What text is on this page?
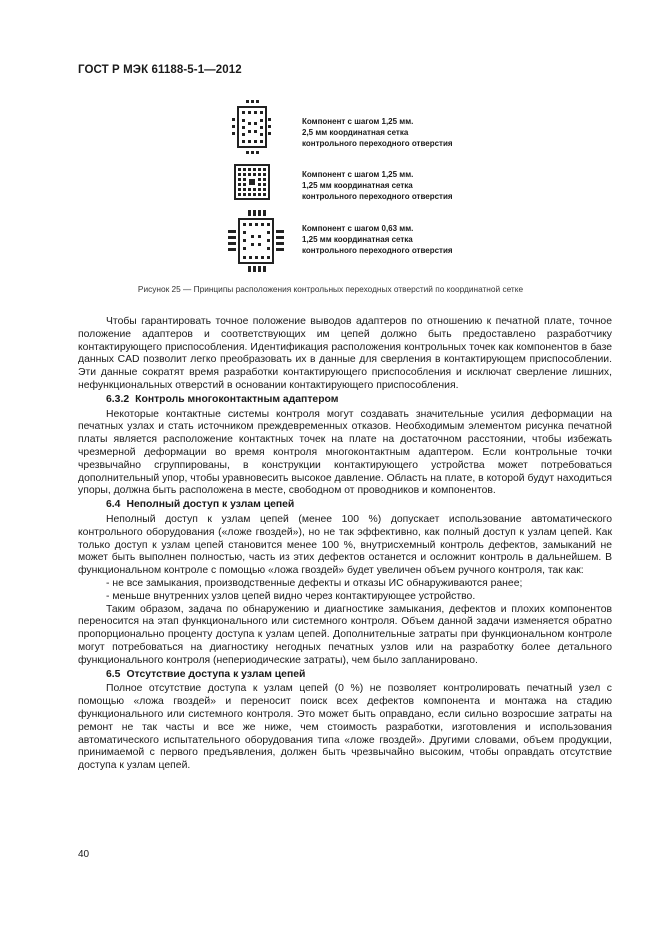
ГОСТ Р МЭК 61188-5-1—2012
Компонент с шагом 1,25 мм.
2,5 мм координатная сетка
контрольного переходного отверстия
Компонент с шагом 1,25 мм.
1,25 мм координатная сетка
контрольного переходного отверстия
Компонент с шагом 0,63 мм.
1,25 мм координатная сетка
контрольного переходного отверстия
Рисунок 25 — Принципы расположения контрольных переходных отверстий по координатной сетке

Чтобы гарантировать точное положение выводов адаптеров по отношению к печатной плате, точное положение адаптеров и соответствующих им цепей должно быть предоставлено разработчику контактирующего приспособления. Идентификация расположения контрольных точек как компонентов в базе данных CAD позволит легко преобразовать их в данные для сверления в контактирующем приспособлении. Эти данные сократят время разработки контактирующего приспособления и исключат сверление лишних, нефункциональных отверстий в основании контактирующего приспособления.

6.3.2 Контроль многоконтактным адаптером

Некоторые контактные системы контроля могут создавать значительные усилия деформации на печатных узлах и стать источником преждевременных отказов. Необходимым элементом рисунка печатной платы является расположение контактных точек на плате на достаточном расстоянии, чтобы избежать чрезмерной деформации во время контроля многоконтактным адаптером. Если контрольные точки чрезвычайно сгруппированы, в конструкции контактирующего устройства может потребоваться дополнительный упор, чтобы уравновесить высокое давление. Область на плате, в которой будут находиться упоры, должна быть расположена в месте, свободном от проводников и компонентов.

6.4 Неполный доступ к узлам цепей

Неполный доступ к узлам цепей (менее 100 %) допускает использование автоматического контрольного оборудования («ложе гвоздей»), но не так эффективно, как полный доступ к узлам цепей. Как только доступ к узлам цепей становится менее 100 %, внутрисхемный контроль дефектов, замыканий не может быть выполнен полностью, часть из этих дефектов останется и осложнит контроль в дальнейшем. В функциональном контроле с помощью «ложа гвоздей» будет увеличен объем ручного контроля, так как:

- не все замыкания, производственные дефекты и отказы ИС обнаруживаются ранее;

- меньше внутренних узлов цепей видно через контактирующее устройство.

Таким образом, задача по обнаружению и диагностике замыкания, дефектов и плохих компонентов переносится на этап функционального или системного контроля. Объем данной задачи изменяется обратно пропорционально проценту доступа к узлам цепей. Дополнительные затраты при функциональном контроле могут потребоваться на диагностику негодных печатных узлов или на разработку более детального функционального контроля (непериодические затраты), чем было запланировано.

6.5 Отсутствие доступа к узлам цепей

Полное отсутствие доступа к узлам цепей (0 %) не позволяет контролировать печатный узел с помощью «ложа гвоздей» и переносит поиск всех дефектов компонента и монтажа на стадию функционального или системного контроля. Это может быть оправдано, если сильно возросшие затраты на ремонт не так часты и все же ниже, чем стоимость разработки, изготовления и использования автоматического испытательного оборудования типа «ложе гвоздей». Другими словами, объем продукции, принимаемой с первого предъявления, должен быть чрезвычайно высоким, чтобы оправдать отсутствие доступа к узлам цепей.

40
